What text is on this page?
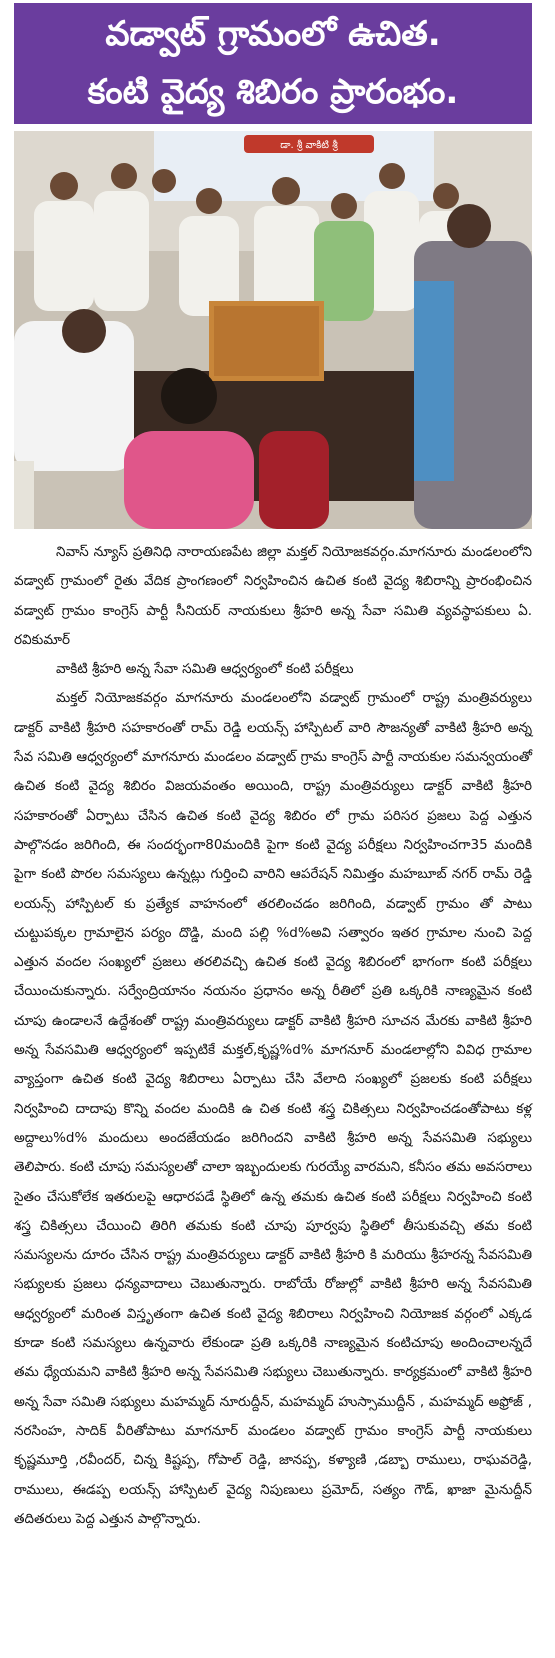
వడ్వాట్ గ్రామంలో ఉచిత.
కంటి వైద్య శిబిరం ప్రారంభం.
డా. శ్రీ వాకిటి శ్రీ

నివాస్ న్యూస్ ప్రతినిధి నారాయణపేట జిల్లా మక్తల్ నియోజకవర్గం.మాగనూరు మండలంలోని వడ్వాట్ గ్రామంలో రైతు వేదిక ప్రాంగణంలో నిర్వహించిన ఉచిత కంటి వైద్య శిబిరాన్ని ప్రారంభించిన వడ్వాట్ గ్రామం కాంగ్రెస్ పార్టీ సీనియర్ నాయకులు శ్రీహరి అన్న సేవా సమితి వ్యవస్థాపకులు ఏ. రవికుమార్

వాకిటి శ్రీహరి అన్న సేవా సమితి ఆధ్వర్యంలో కంటి పరీక్షలు

మక్తల్ నియోజకవర్గం మాగనూరు మండలంలోని వడ్వాట్ గ్రామంలో రాష్ట్ర మంత్రివర్యులు డాక్టర్ వాకిటి శ్రీహరి సహకారంతో రామ్ రెడ్డి లయన్స్ హాస్పిటల్ వారి సౌజన్యతో వాకిటి శ్రీహరి అన్న సేవ సమితి ఆధ్వర్యంలో మాగనూరు మండలం వడ్వాట్ గ్రామ కాంగ్రెస్ పార్టీ నాయకుల సమన్వయంతో ఉచిత కంటి వైద్య శిబిరం విజయవంతం అయింది, రాష్ట్ర మంత్రివర్యులు డాక్టర్ వాకిటి శ్రీహరి సహకారంతో ఏర్పాటు చేసిన ఉచిత కంటి వైద్య శిబిరం లో గ్రామ పరిసర ప్రజలు పెద్ద ఎత్తున పాల్గొనడం జరిగింది, ఈ సందర్భంగా80మందికి పైగా కంటి వైద్య పరీక్షలు నిర్వహించగా35 మందికి పైగా కంటి పొరల సమస్యలు ఉన్నట్లు గుర్తించి వారిని ఆపరేషన్ నిమిత్తం మహబూబ్ నగర్ రామ్ రెడ్డి లయన్స్ హాస్పిటల్ కు ప్రత్యేక వాహనంలో తరలించడం జరిగింది, వడ్వాట్ గ్రామం తో పాటు చుట్టుపక్కల గ్రామాలైన పర్యం దొడ్డి, మంది పల్లి %d%అవి సత్వారం ఇతర గ్రామాల నుంచి పెద్ద ఎత్తున వందల సంఖ్యలో ప్రజలు తరలివచ్చి ఉచిత కంటి వైద్య శిబిరంలో భాగంగా కంటి పరీక్షలు చేయించుకున్నారు. సర్వేంద్రియానం నయనం ప్రధానం అన్న రీతిలో ప్రతి ఒక్కరికి నాణ్యమైన కంటి చూపు ఉండాలనే ఉద్దేశంతో రాష్ట్ర మంత్రివర్యులు డాక్టర్ వాకిటి శ్రీహరి సూచన మేరకు వాకిటి శ్రీహరి అన్న సేవసమితి ఆధ్వర్యంలో ఇప్పటికే మక్తల్,కృష్ణ%d% మాగనూర్ మండలాల్లోని వివిధ గ్రామాల వ్యాప్తంగా ఉచిత కంటి వైద్య శిబిరాలు ఏర్పాటు చేసి వేలాది సంఖ్యలో ప్రజలకు కంటి పరీక్షలు నిర్వహించి దాదాపు కొన్ని వందల మందికి ఉ చిత కంటి శస్త్ర చికిత్సలు నిర్వహించడంతోపాటు కళ్ల అద్దాలు%d% మందులు అందజేయడం జరిగిందని వాకిటి శ్రీహరి అన్న సేవసమితి సభ్యులు తెలిపారు. కంటి చూపు సమస్యలతో చాలా ఇబ్బందులకు గురయ్యే వారమని, కనీసం తమ అవసరాలు సైతం చేసుకోలేక ఇతరులపై ఆధారపడే స్థితిలో ఉన్న తమకు ఉచిత కంటి పరీక్షలు నిర్వహించి కంటి శస్త్ర చికిత్సలు చేయించి తిరిగి తమకు కంటి చూపు పూర్వపు స్థితిలో తీసుకువచ్చి తమ కంటి సమస్యలను దూరం చేసిన రాష్ట్ర మంత్రివర్యులు డాక్టర్ వాకిటి శ్రీహరి కి మరియు శ్రీహరన్న సేవసమితి సభ్యులకు ప్రజలు ధన్యవాదాలు చెబుతున్నారు. రాబోయే రోజుల్లో వాకిటి శ్రీహరి అన్న సేవసమితి ఆధ్వర్యంలో మరింత విస్తృతంగా ఉచిత కంటి వైద్య శిబిరాలు నిర్వహించి నియోజక వర్గంలో ఎక్కడ కూడా కంటి సమస్యలు ఉన్నవారు లేకుండా ప్రతి ఒక్కరికి నాణ్యమైన కంటిచూపు అందించాలన్నదే తమ ధ్యేయమని వాకిటి శ్రీహరి అన్న సేవసమితి సభ్యులు చెబుతున్నారు. కార్యక్రమంలో వాకిటి శ్రీహరి అన్న సేవా సమితి సభ్యులు మహమ్మద్ నూరుద్దీన్, మహమ్మద్ హుస్సాముద్దీన్ , మహమ్మద్ అఫ్రోజ్ , నరసింహ, సాదిక్ వీరితోపాటు మాగనూర్ మండలం వడ్వాట్ గ్రామం కాంగ్రెస్ పార్టీ నాయకులు కృష్ణమూర్తి ,రవీందర్, చిన్న కిష్టప్ప, గోపాల్ రెడ్డి, జానప్ప, కళ్యాణి ,డబ్బా రాములు, రాఘవరెడ్డి, రాములు, ఈడప్ప లయన్స్ హాస్పిటల్ వైద్య నిపుణులు ప్రమోద్, సత్యం గౌడ్, ఖాజా మైనుద్దీన్ తదితరులు పెద్ద ఎత్తున పాల్గొన్నారు.
